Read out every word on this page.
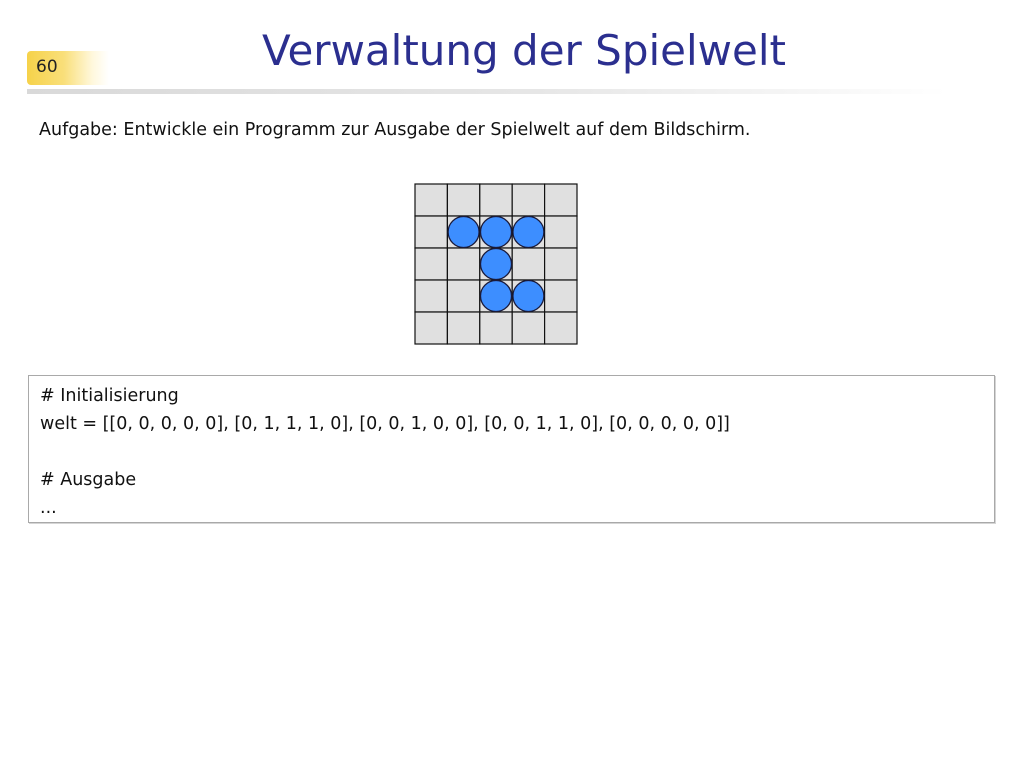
60	Verwaltung der Spielwelt
Aufgabe: Entwickle ein Programm zur Ausgabe der Spielwelt auf dem Bildschirm.
# Initialisierung
welt = [[0, 0, 0, 0, 0], [0, 1, 1, 1, 0], [0, 0, 1, 0, 0], [0, 0, 1, 1, 0], [0, 0, 0, 0, 0]]
# Ausgabe
...
